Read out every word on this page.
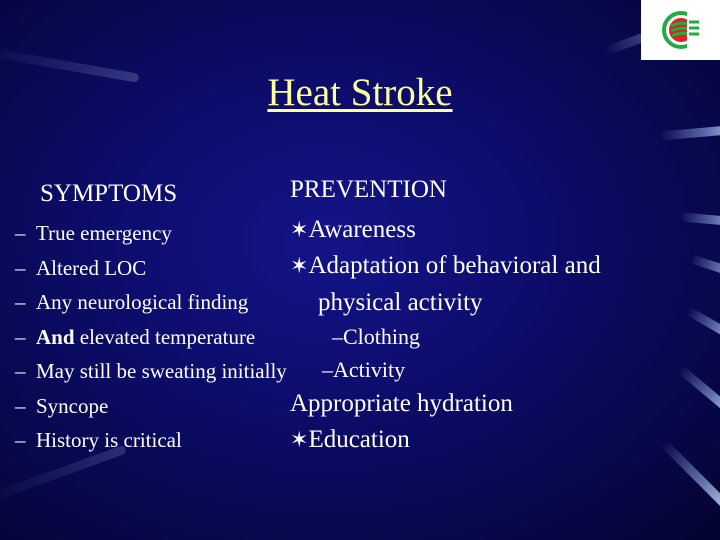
Heat Stroke
SYMPTOMS
– True emergency
– Altered LOC
– Any neurological finding
– And elevated temperature
– May still be sweating initially
– Syncope
– History is critical
PREVENTION
✶Awareness
✶Adaptation of behavioral and
physical activity
–Clothing
–Activity
Appropriate hydration
✶Education
